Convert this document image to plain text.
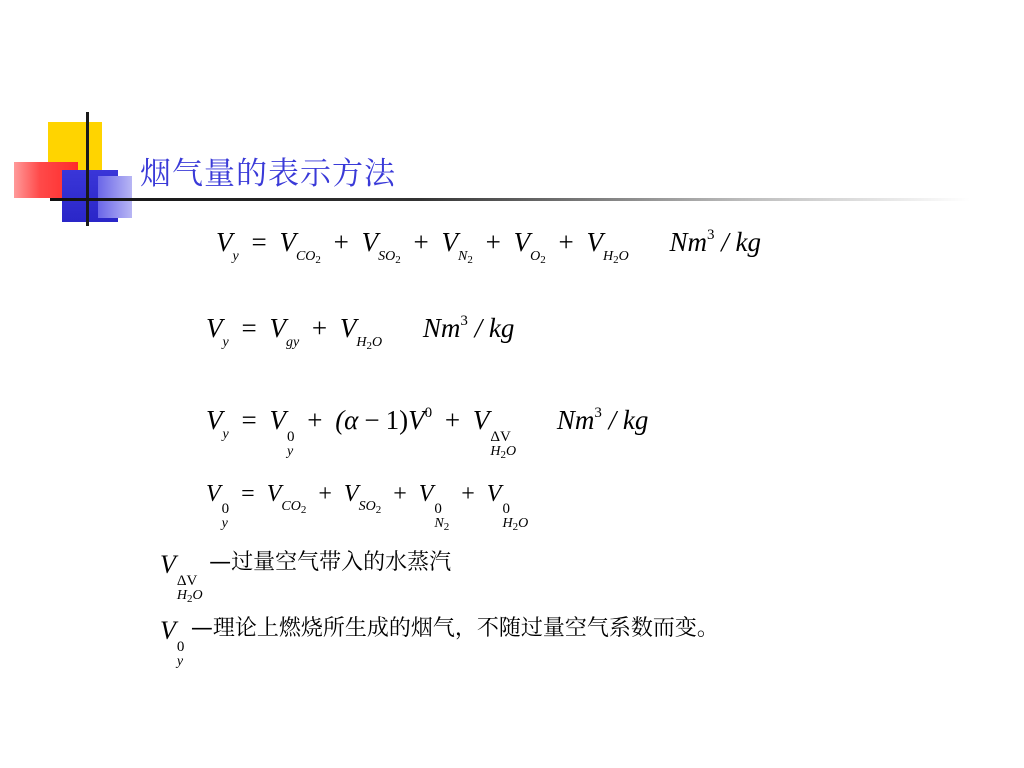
烟气量的表示方法
$V_y = V_{CO_2} + V_{SO_2} + V_{N_2} + V_{O_2} + V_{H_2O}$ Nm$^3$ / kg
$V_y = V_{gy} + V_{H_2O}$ Nm$^3$ / kg
$V_y = V$
0
y
+ $(\alpha - 1)V^0 + V$
ΔV
$H_2O$
Nm$^3$ / kg
V
0
y
= $V_{CO_2} + V_{SO_2} + V$
0
$N_2$
+ V
0
$H_2O$
V
ΔV
$H_2O$
—过量空气带入的水蒸汽
V
0
y
—理论上燃烧所生成的烟气，不随过量空气系数而变。
